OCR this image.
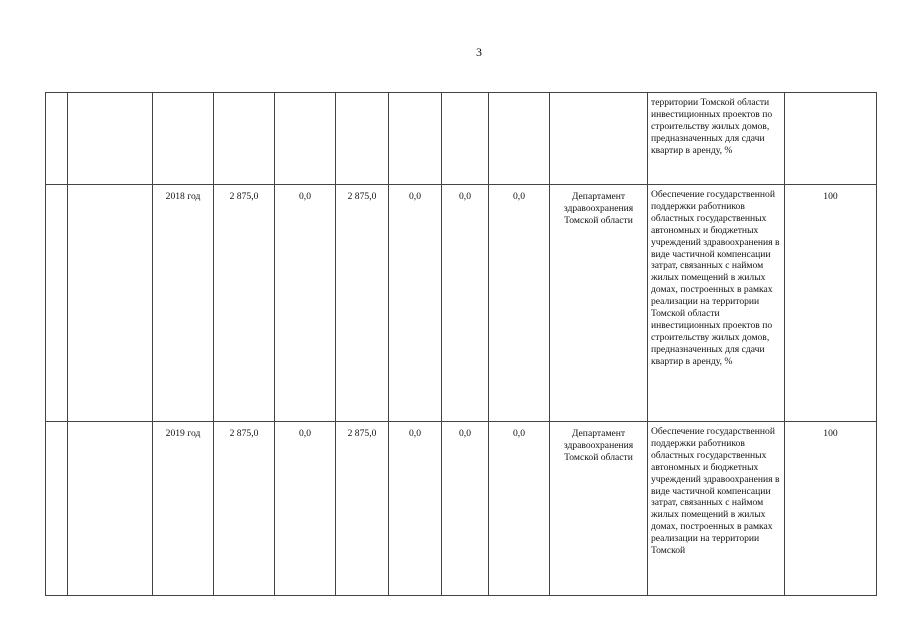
3
										территории Томской области инвестиционных проектов по строительству жилых домов, предназначенных для сдачи квартир в аренду, %	
		2018 год	2 875,0	0,0	2 875,0	0,0	0,0	0,0	Департамент здравоохранения Томской области	Обеспечение государственной поддержки работников областных государственных автономных и бюджетных учреждений здравоохранения в виде частичной компенсации затрат, связанных с наймом жилых помещений в жилых домах, построенных в рамках реализации на территории Томской области инвестиционных проектов по строительству жилых домов, предназначенных для сдачи квартир в аренду, %	100
		2019 год	2 875,0	0,0	2 875,0	0,0	0,0	0,0	Департамент здравоохранения Томской области	Обеспечение государственной поддержки работников областных государственных автономных и бюджетных учреждений здравоохранения в виде частичной компенсации затрат, связанных с наймом жилых помещений в жилых домах, построенных в рамках реализации на территории Томской	100
